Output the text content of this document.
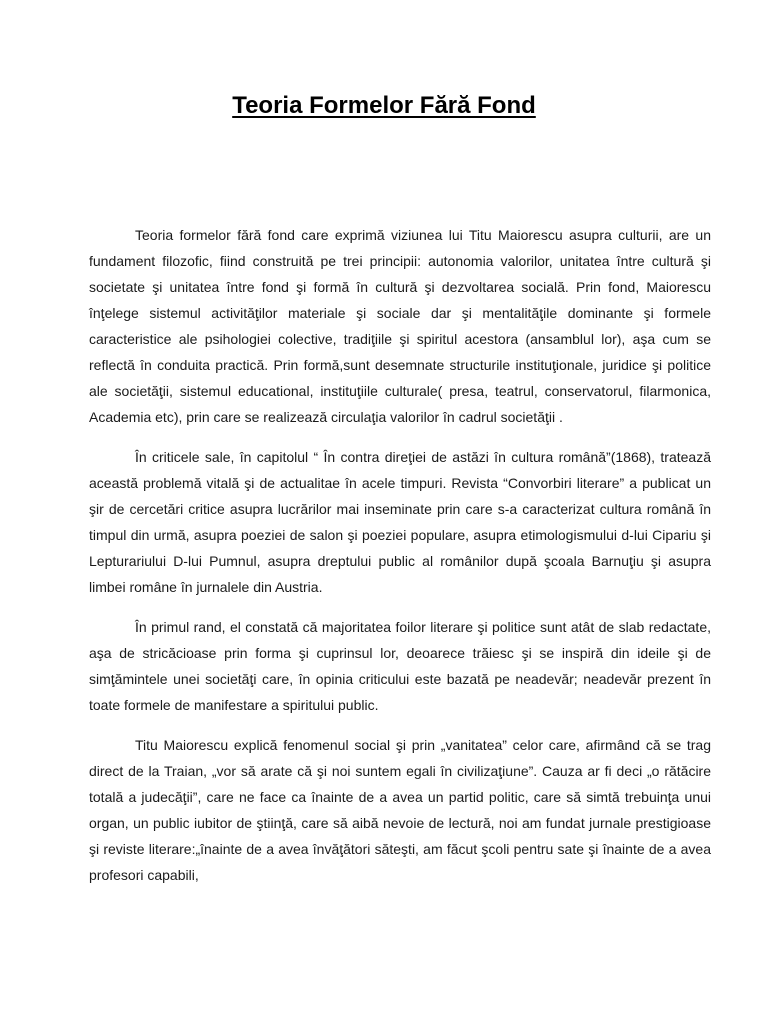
Teoria Formelor Fără Fond

Teoria formelor fără fond care exprimă viziunea lui Titu Maiorescu asupra culturii, are un fundament filozofic, fiind construită pe trei principii: autonomia valorilor, unitatea între cultură şi societate şi unitatea între fond şi formă în cultură şi dezvoltarea socială. Prin fond, Maiorescu înţelege sistemul activităţilor materiale şi sociale dar şi mentalităţile dominante şi formele caracteristice ale psihologiei colective, tradiţiile şi spiritul acestora (ansamblul lor), aşa cum se reflectă în conduita practică. Prin formă,sunt desemnate structurile instituţionale, juridice şi politice ale societăţii, sistemul educational, instituţiile culturale( presa, teatrul, conservatorul, filarmonica, Academia etc), prin care se realizează circulaţia valorilor în cadrul societăţii .

În criticele sale, în capitolul “ În contra direţiei de astăzi în cultura română”(1868), tratează această problemă vitală şi de actualitae în acele timpuri. Revista “Convorbiri literare” a publicat un şir de cercetări critice asupra lucrărilor mai inseminate prin care s-a caracterizat cultura română în timpul din urmă, asupra poeziei de salon şi poeziei populare, asupra etimologismului d-lui Cipariu şi Lepturariului D-lui Pumnul, asupra dreptului public al românilor după şcoala Barnuţiu şi asupra limbei române în jurnalele din Austria.

În primul rand, el constată că majoritatea foilor literare şi politice sunt atât de slab redactate, aşa de stricăcioase prin forma şi cuprinsul lor, deoarece trăiesc şi se inspiră din ideile şi de simţămintele unei societăţi care, în opinia criticului este bazată pe neadevăr; neadevăr prezent în toate formele de manifestare a spiritului public.

Titu Maiorescu explică fenomenul social şi prin „vanitatea” celor care, afirmând că se trag direct de la Traian, „vor să arate că şi noi suntem egali în civilizaţiune”. Cauza ar fi deci „o rătăcire totală a judecăţii”, care ne face ca înainte de a avea un partid politic, care să simtă trebuinţa unui organ, un public iubitor de ştiinţă, care să aibă nevoie de lectură, noi am fundat jurnale prestigioase şi reviste literare:„înainte de a avea învăţători săteşti, am făcut şcoli pentru sate şi înainte de a avea profesori capabili,
